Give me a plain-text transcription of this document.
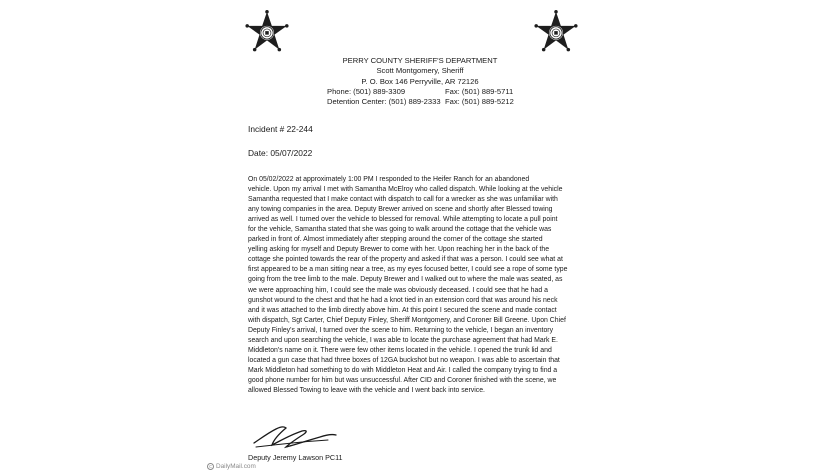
PERRY COUNTY SHERIFF'S DEPARTMENT
Scott Montgomery, Sheriff
P. O. Box 146 Perryville, AR 72126
Phone: (501) 889-3309	Fax: (501) 889-5711
Detention Center: (501) 889-2333 Fax: (501) 889-5212
Incident # 22-244
Date: 05/07/2022
On 05/02/2022 at approximately 1:00 PM I responded to the Heifer Ranch for an abandoned
vehicle. Upon my arrival I met with Samantha McElroy who called dispatch. While looking at the vehicle
Samantha requested that I make contact with dispatch to call for a wrecker as she was unfamiliar with
any towing companies in the area. Deputy Brewer arrived on scene and shortly after Blessed towing
arrived as well. I turned over the vehicle to blessed for removal. While attempting to locate a pull point
for the vehicle, Samantha stated that she was going to walk around the cottage that the vehicle was
parked in front of. Almost immediately after stepping around the corner of the cottage she started
yelling asking for myself and Deputy Brewer to come with her. Upon reaching her in the back of the
cottage she pointed towards the rear of the property and asked if that was a person. I could see what at
first appeared to be a man sitting near a tree, as my eyes focused better, I could see a rope of some type
going from the tree limb to the male. Deputy Brewer and I walked out to where the male was seated, as
we were approaching him, I could see the male was obviously deceased. I could see that he had a
gunshot wound to the chest and that he had a knot tied in an extension cord that was around his neck
and it was attached to the limb directly above him. At this point I secured the scene and made contact
with dispatch, Sgt Carter, Chief Deputy Finley, Sheriff Montgomery, and Coroner Bill Greene. Upon Chief
Deputy Finley's arrival, I turned over the scene to him. Returning to the vehicle, I began an inventory
search and upon searching the vehicle, I was able to locate the purchase agreement that had Mark E.
Middleton's name on it. There were few other items located in the vehicle. I opened the trunk lid and
located a gun case that had three boxes of 12GA buckshot but no weapon. I was able to ascertain that
Mark Middleton had something to do with Middleton Heat and Air. I called the company trying to find a
good phone number for him but was unsuccessful. After CID and Coroner finished with the scene, we
allowed Blessed Towing to leave with the vehicle and I went back into service.
Deputy Jeremy Lawson PC11
c DailyMail.com
